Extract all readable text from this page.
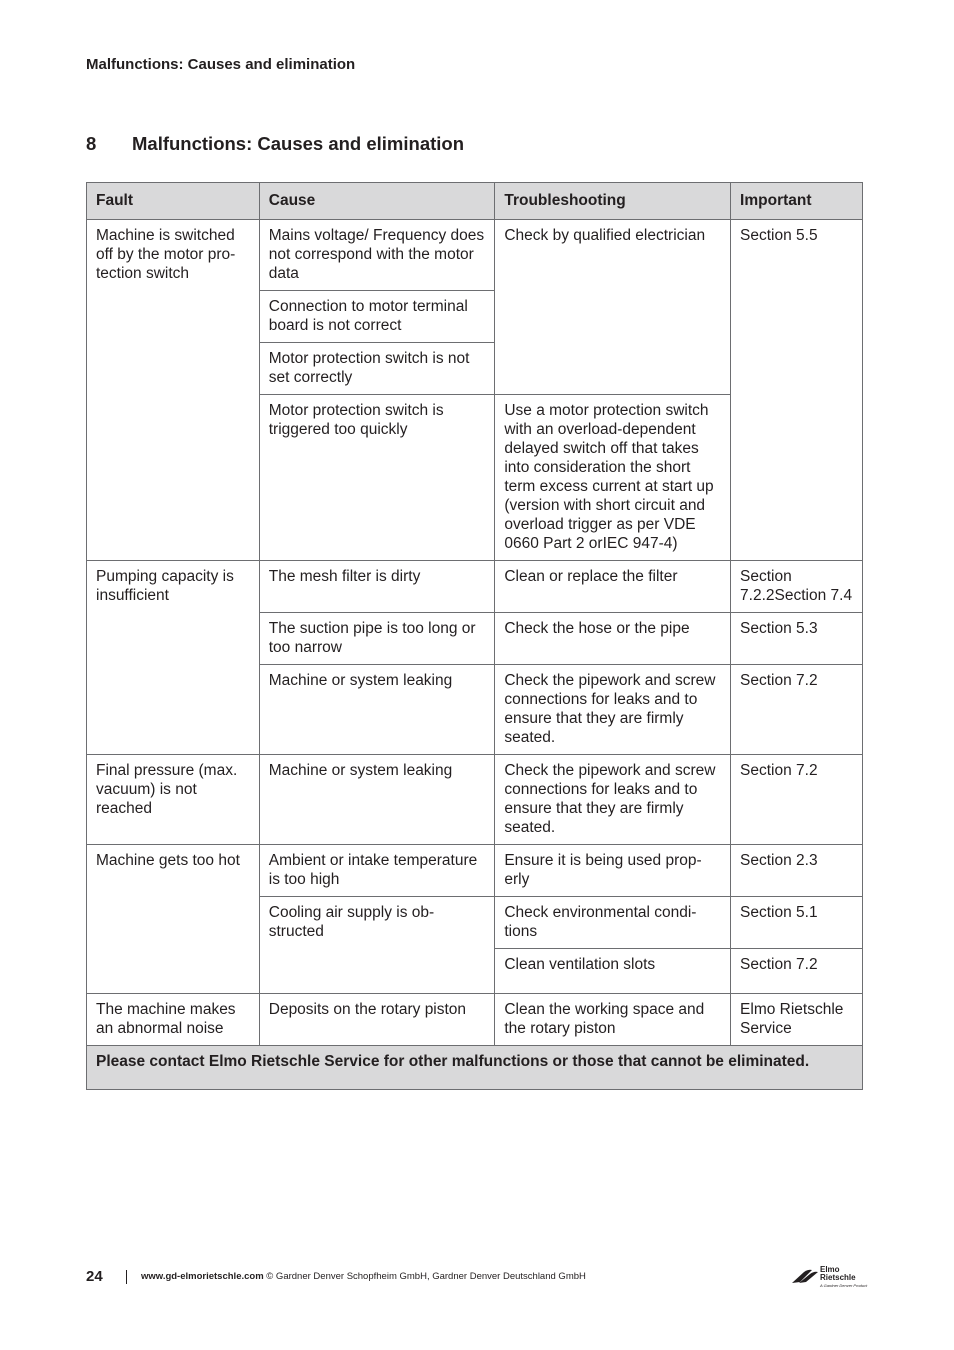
Malfunctions: Causes and elimination
8 Malfunctions: Causes and elimination
Fault	Cause	Troubleshooting	Important
Machine is switched off by the motor pro-tection switch	Mains voltage/ Frequency does not correspond with the motor data	Check by qualified electrician	Section 5.5
	Connection to motor terminal board is not correct		
	Motor protection switch is not set correctly		
	Motor protection switch is triggered too quickly	Use a motor protection switch with an overload-dependent delayed switch off that takes into consideration the short term excess current at start up (version with short circuit and overload trigger as per VDE 0660 Part 2 orIEC 947-4)	
Pumping capacity is insufficient	The mesh filter is dirty	Clean or replace the filter	Section 7.2.2Section 7.4
	The suction pipe is too long or too narrow	Check the hose or the pipe	Section 5.3
	Machine or system leaking	Check the pipework and screw connections for leaks and to ensure that they are firmly seated.	Section 7.2
Final pressure (max. vacuum) is not reached	Machine or system leaking	Check the pipework and screw connections for leaks and to ensure that they are firmly seated.	Section 7.2
Machine gets too hot	Ambient or intake temperature is too high	Ensure it is being used prop-erly	Section 2.3
	Cooling air supply is ob-structed	Check environmental condi-tions	Section 5.1
		Clean ventilation slots	Section 7.2
The machine makes an abnormal noise	Deposits on the rotary piston	Clean the working space and the rotary piston	Elmo Rietschle Service
Please contact Elmo Rietschle Service for other malfunctions or those that cannot be eliminated.			
24	www.gd-elmorietschle.com
© Gardner Denver Schopfheim GmbH, Gardner Denver Deutschland GmbH
Elmo
Rietschle
A Gardner Denver Product
